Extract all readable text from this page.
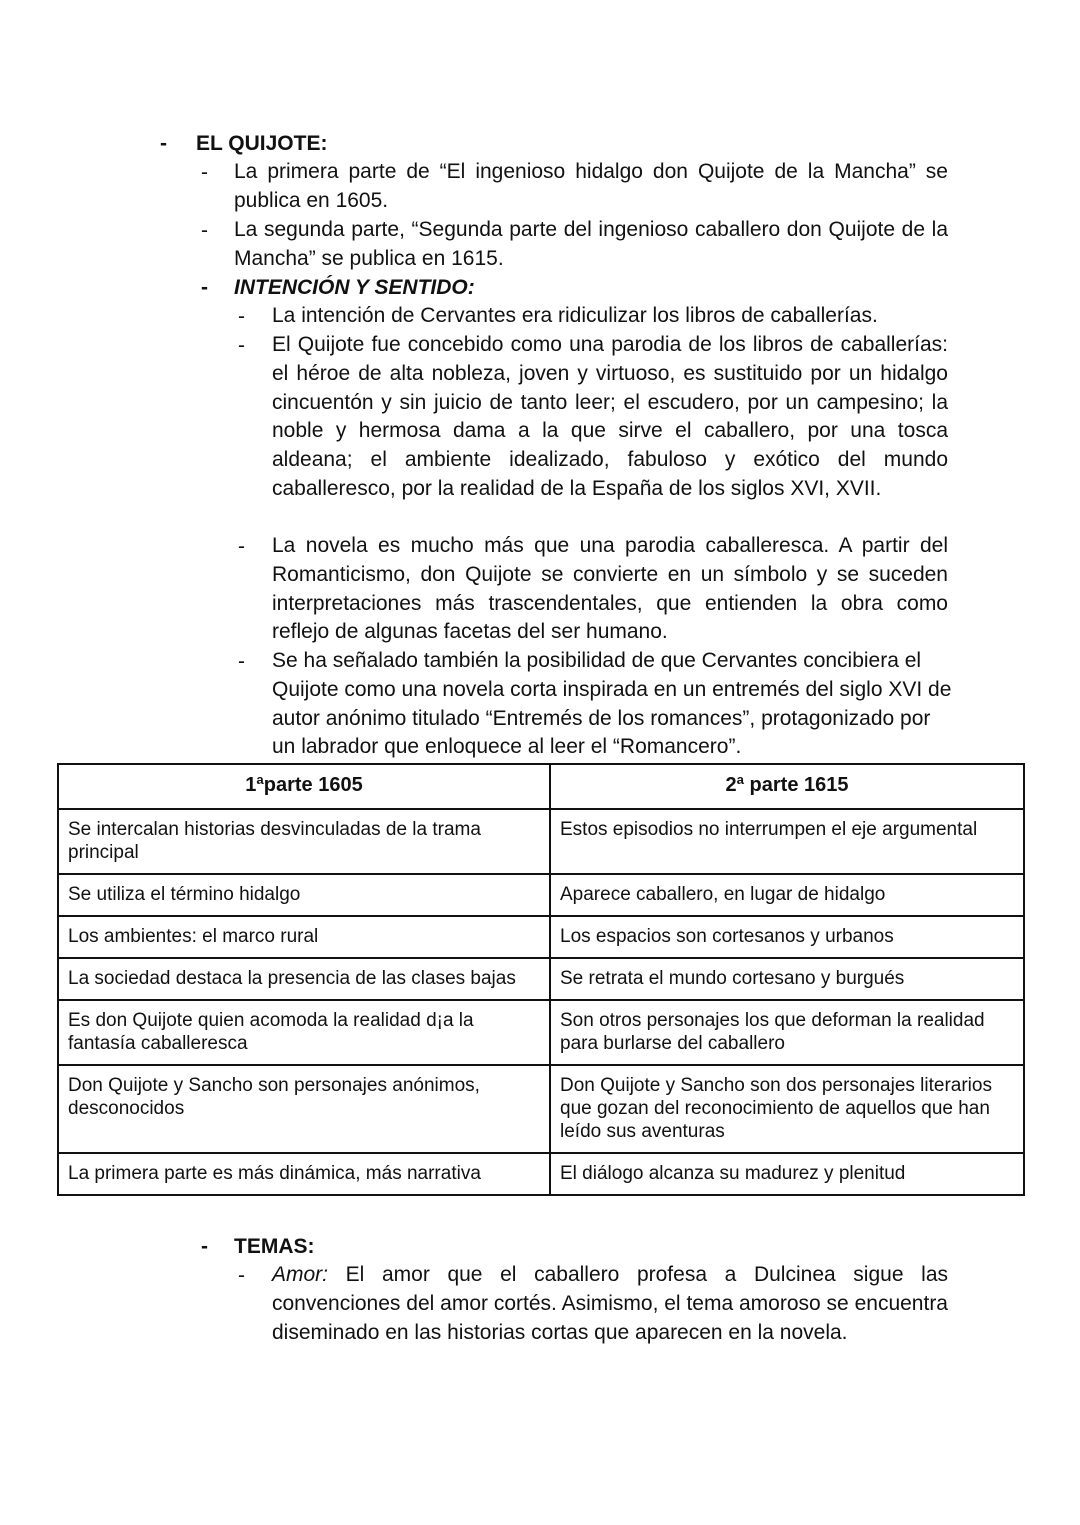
- EL QUIJOTE:
- La primera parte de “El ingenioso hidalgo don Quijote de la Mancha” se publica en 1605.

- La segunda parte, “Segunda parte del ingenioso caballero don Quijote de la Mancha” se publica en 1615.

- INTENCIÓN Y SENTIDO:
- La intención de Cervantes era ridiculizar los libros de caballerías.

- El Quijote fue concebido como una parodia de los libros de caballerías: el héroe de alta nobleza, joven y virtuoso, es sustituido por un hidalgo cincuentón y sin juicio de tanto leer; el escudero, por un campesino; la noble y hermosa dama a la que sirve el caballero, por una tosca aldeana; el ambiente idealizado, fabuloso y exótico del mundo caballeresco, por la realidad de la España de los siglos XVI, XVII.

- La novela es mucho más que una parodia caballeresca. A partir del Romanticismo, don Quijote se convierte en un símbolo y se suceden interpretaciones más trascendentales, que entienden la obra como reflejo de algunas facetas del ser humano.

- Se ha señalado también la posibilidad de que Cervantes concibiera el Quijote como una novela corta inspirada en un entremés del siglo XVI de autor anónimo titulado “Entremés de los romances”, protagonizado por un labrador que enloquece al leer el “Romancero”.

1ªparte 1605	2ª parte 1615
Se intercalan historias desvinculadas de la trama principal	Estos episodios no interrumpen el eje argumental
Se utiliza el término hidalgo	Aparece caballero, en lugar de hidalgo
Los ambientes: el marco rural	Los espacios son cortesanos y urbanos
La sociedad destaca la presencia de las clases bajas	Se retrata el mundo cortesano y burgués
Es don Quijote quien acomoda la realidad d¡a la fantasía caballeresca	Son otros personajes los que deforman la realidad para burlarse del caballero
Don Quijote y Sancho son personajes anónimos, desconocidos	Don Quijote y Sancho son dos personajes literarios que gozan del reconocimiento de aquellos que han leído sus aventuras
La primera parte es más dinámica, más narrativa	El diálogo alcanza su madurez y plenitud
- TEMAS:
- Amor: El amor que el caballero profesa a Dulcinea sigue las convenciones del amor cortés. Asimismo, el tema amoroso se encuentra diseminado en las historias cortas que aparecen en la novela.
